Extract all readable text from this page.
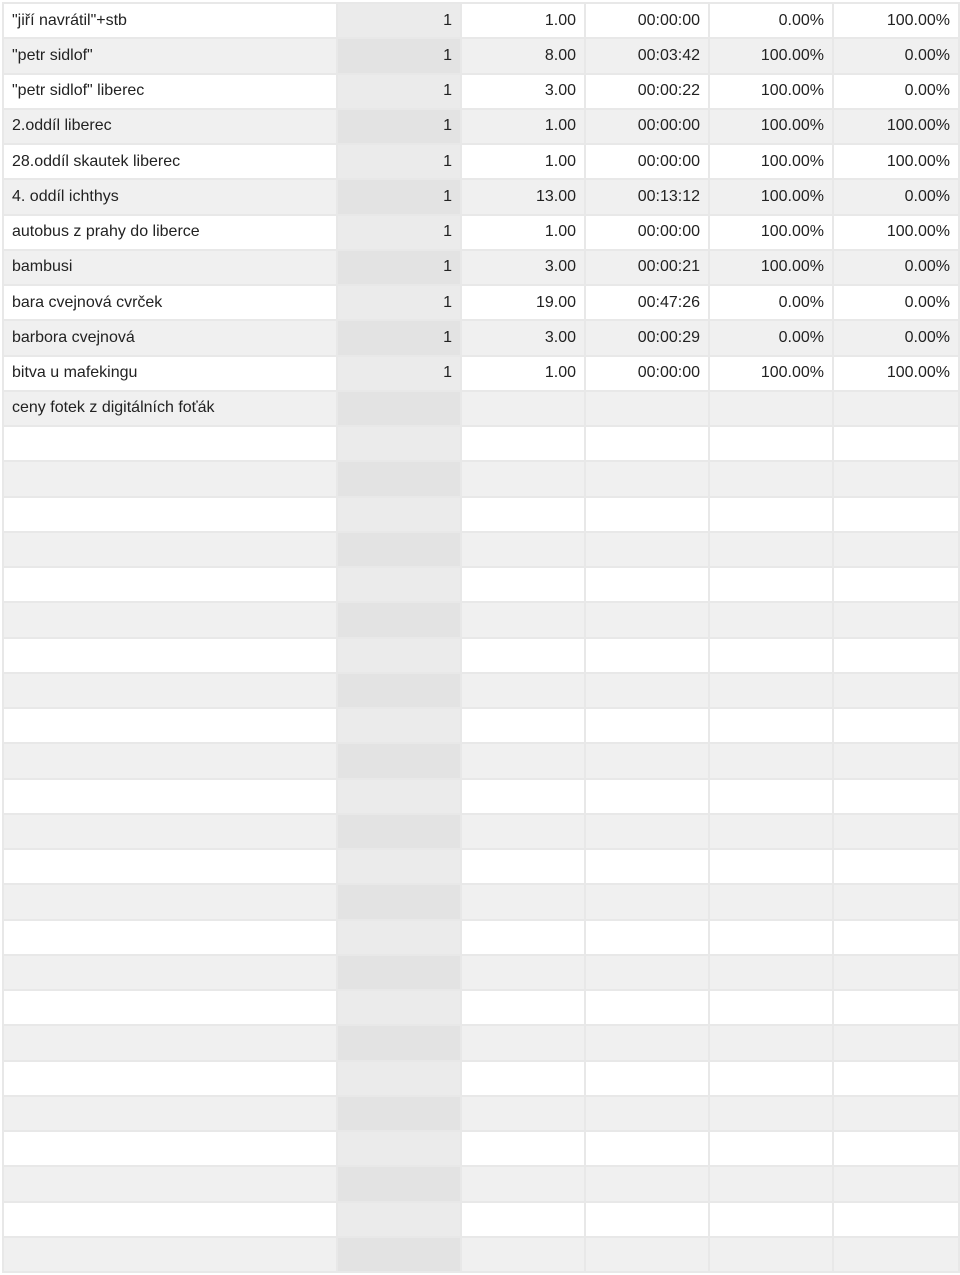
"jiří navrátil"+stb	1	1.00	00:00:00	0.00%	100.00%
"petr sidlof"	1	8.00	00:03:42	100.00%	0.00%
"petr sidlof" liberec	1	3.00	00:00:22	100.00%	0.00%
2.oddíl liberec	1	1.00	00:00:00	100.00%	100.00%
28.oddíl skautek liberec	1	1.00	00:00:00	100.00%	100.00%
4. oddíl ichthys	1	13.00	00:13:12	100.00%	0.00%
autobus z prahy do liberce	1	1.00	00:00:00	100.00%	100.00%
bambusi	1	3.00	00:00:21	100.00%	0.00%
bara cvejnová cvrček	1	19.00	00:47:26	0.00%	0.00%
barbora cvejnová	1	3.00	00:00:29	0.00%	0.00%
bitva u mafekingu	1	1.00	00:00:00	100.00%	100.00%
ceny fotek z digitálních foťák					
